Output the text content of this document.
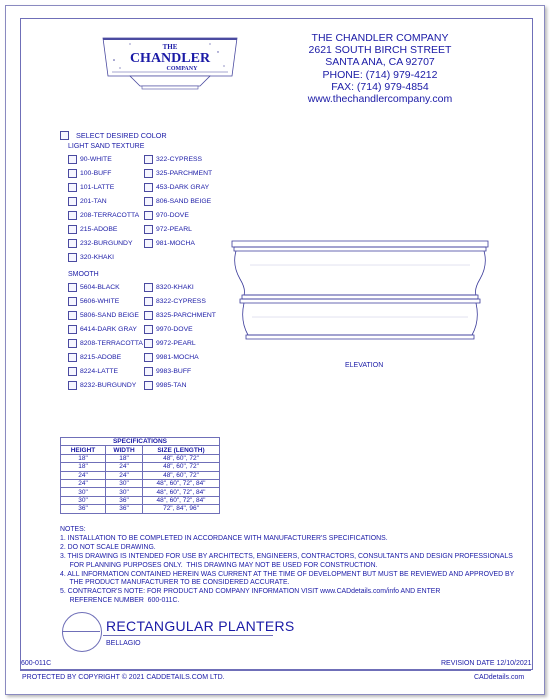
THE
CHANDLER
COMPANY
THE CHANDLER COMPANY
2621 SOUTH BIRCH STREET
SANTA ANA, CA 92707
PHONE: (714) 979-4212
FAX: (714) 979-4854
www.thechandlercompany.com
SELECT DESIRED COLOR
LIGHT SAND TEXTURE
90-WHITE
100-BUFF
101-LATTE
201-TAN
208-TERRACOTTA
215-ADOBE
232-BURGUNDY
320-KHAKI
322-CYPRESS
325-PARCHMENT
453-DARK GRAY
806-SAND BEIGE
970-DOVE
972-PEARL
981-MOCHA
SMOOTH
5604-BLACK
5606-WHITE
5806-SAND BEIGE
6414-DARK GRAY
8208-TERRACOTTA
8215-ADOBE
8224-LATTE
8232-BURGUNDY
8320-KHAKI
8322-CYPRESS
8325-PARCHMENT
9970-DOVE
9972-PEARL
9981-MOCHA
9983-BUFF
9985-TAN
ELEVATION
SPECIFICATIONS		
HEIGHT	WIDTH	SIZE (LENGTH)
18"	18"	48", 60", 72"
18"	24"	48", 60", 72"
24"	24"	48", 60", 72"
24"	30"	48", 60", 72", 84"
30"	30"	48", 60", 72", 84"
30"	36"	48", 60", 72", 84"
36"	36"	72", 84", 96"
NOTES:
1. INSTALLATION TO BE COMPLETED IN ACCORDANCE WITH MANUFACTURER'S SPECIFICATIONS.
2. DO NOT SCALE DRAWING.
3. THIS DRAWING IS INTENDED FOR USE BY ARCHITECTS, ENGINEERS, CONTRACTORS, CONSULTANTS AND DESIGN PROFESSIONALS
FOR PLANNING PURPOSES ONLY.  THIS DRAWING MAY NOT BE USED FOR CONSTRUCTION.
4. ALL INFORMATION CONTAINED HEREIN WAS CURRENT AT THE TIME OF DEVELOPMENT BUT MUST BE REVIEWED AND APPROVED BY
THE PRODUCT MANUFACTURER TO BE CONSIDERED ACCURATE.
5. CONTRACTOR'S NOTE: FOR PRODUCT AND COMPANY INFORMATION VISIT www.CADdetails.com/info AND ENTER
REFERENCE NUMBER  600-011C.
RECTANGULAR PLANTERS
BELLAGIO
600-011C	REVISION DATE 12/10/2021
PROTECTED BY COPYRIGHT © 2021 CADDETAILS.COM LTD.	CADdetails.com
